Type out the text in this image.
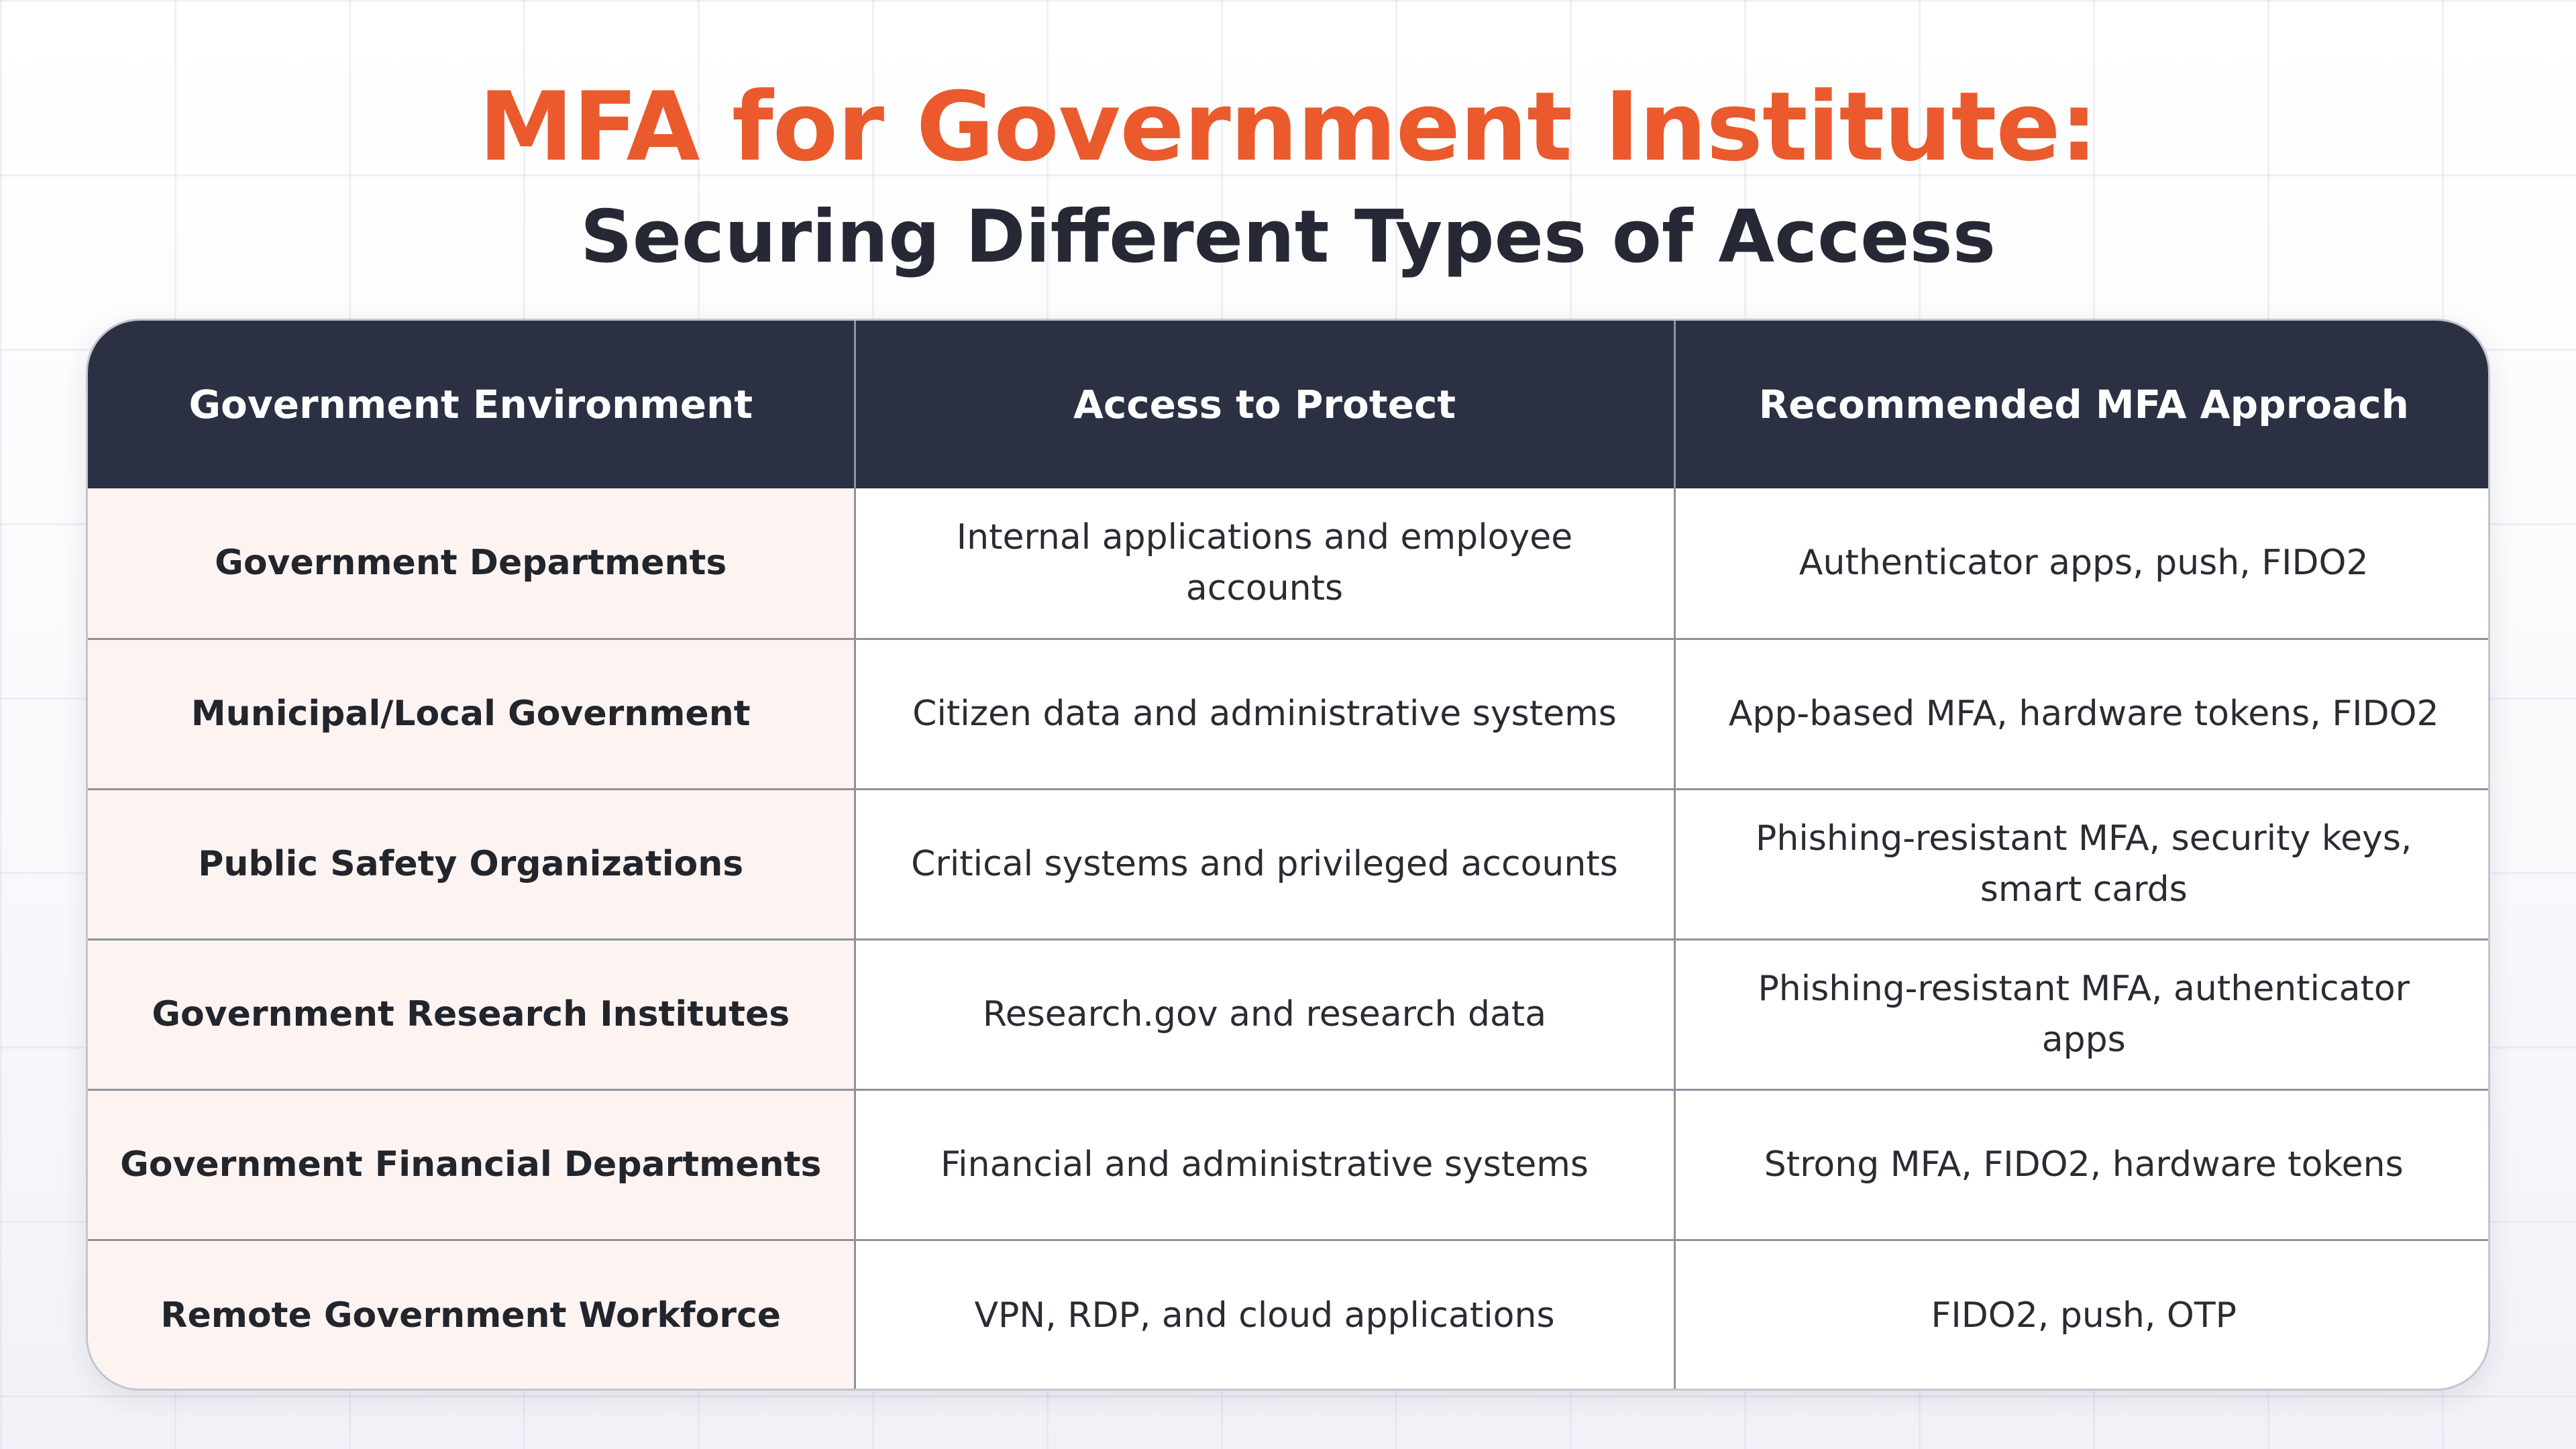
MFA for Government Institute:
Securing Different Types of Access
Government Environment	Access to Protect	Recommended MFA Approach
Government Departments	Internal applications and employee accounts	Authenticator apps, push, FIDO2
Municipal/Local Government	Citizen data and administrative systems	App-based MFA, hardware tokens, FIDO2
Public Safety Organizations	Critical systems and privileged accounts	Phishing-resistant MFA, security keys, smart cards
Government Research Institutes	Research.gov and research data	Phishing-resistant MFA, authenticator apps
Government Financial Departments	Financial and administrative systems	Strong MFA, FIDO2, hardware tokens
Remote Government Workforce	VPN, RDP, and cloud applications	FIDO2, push, OTP
